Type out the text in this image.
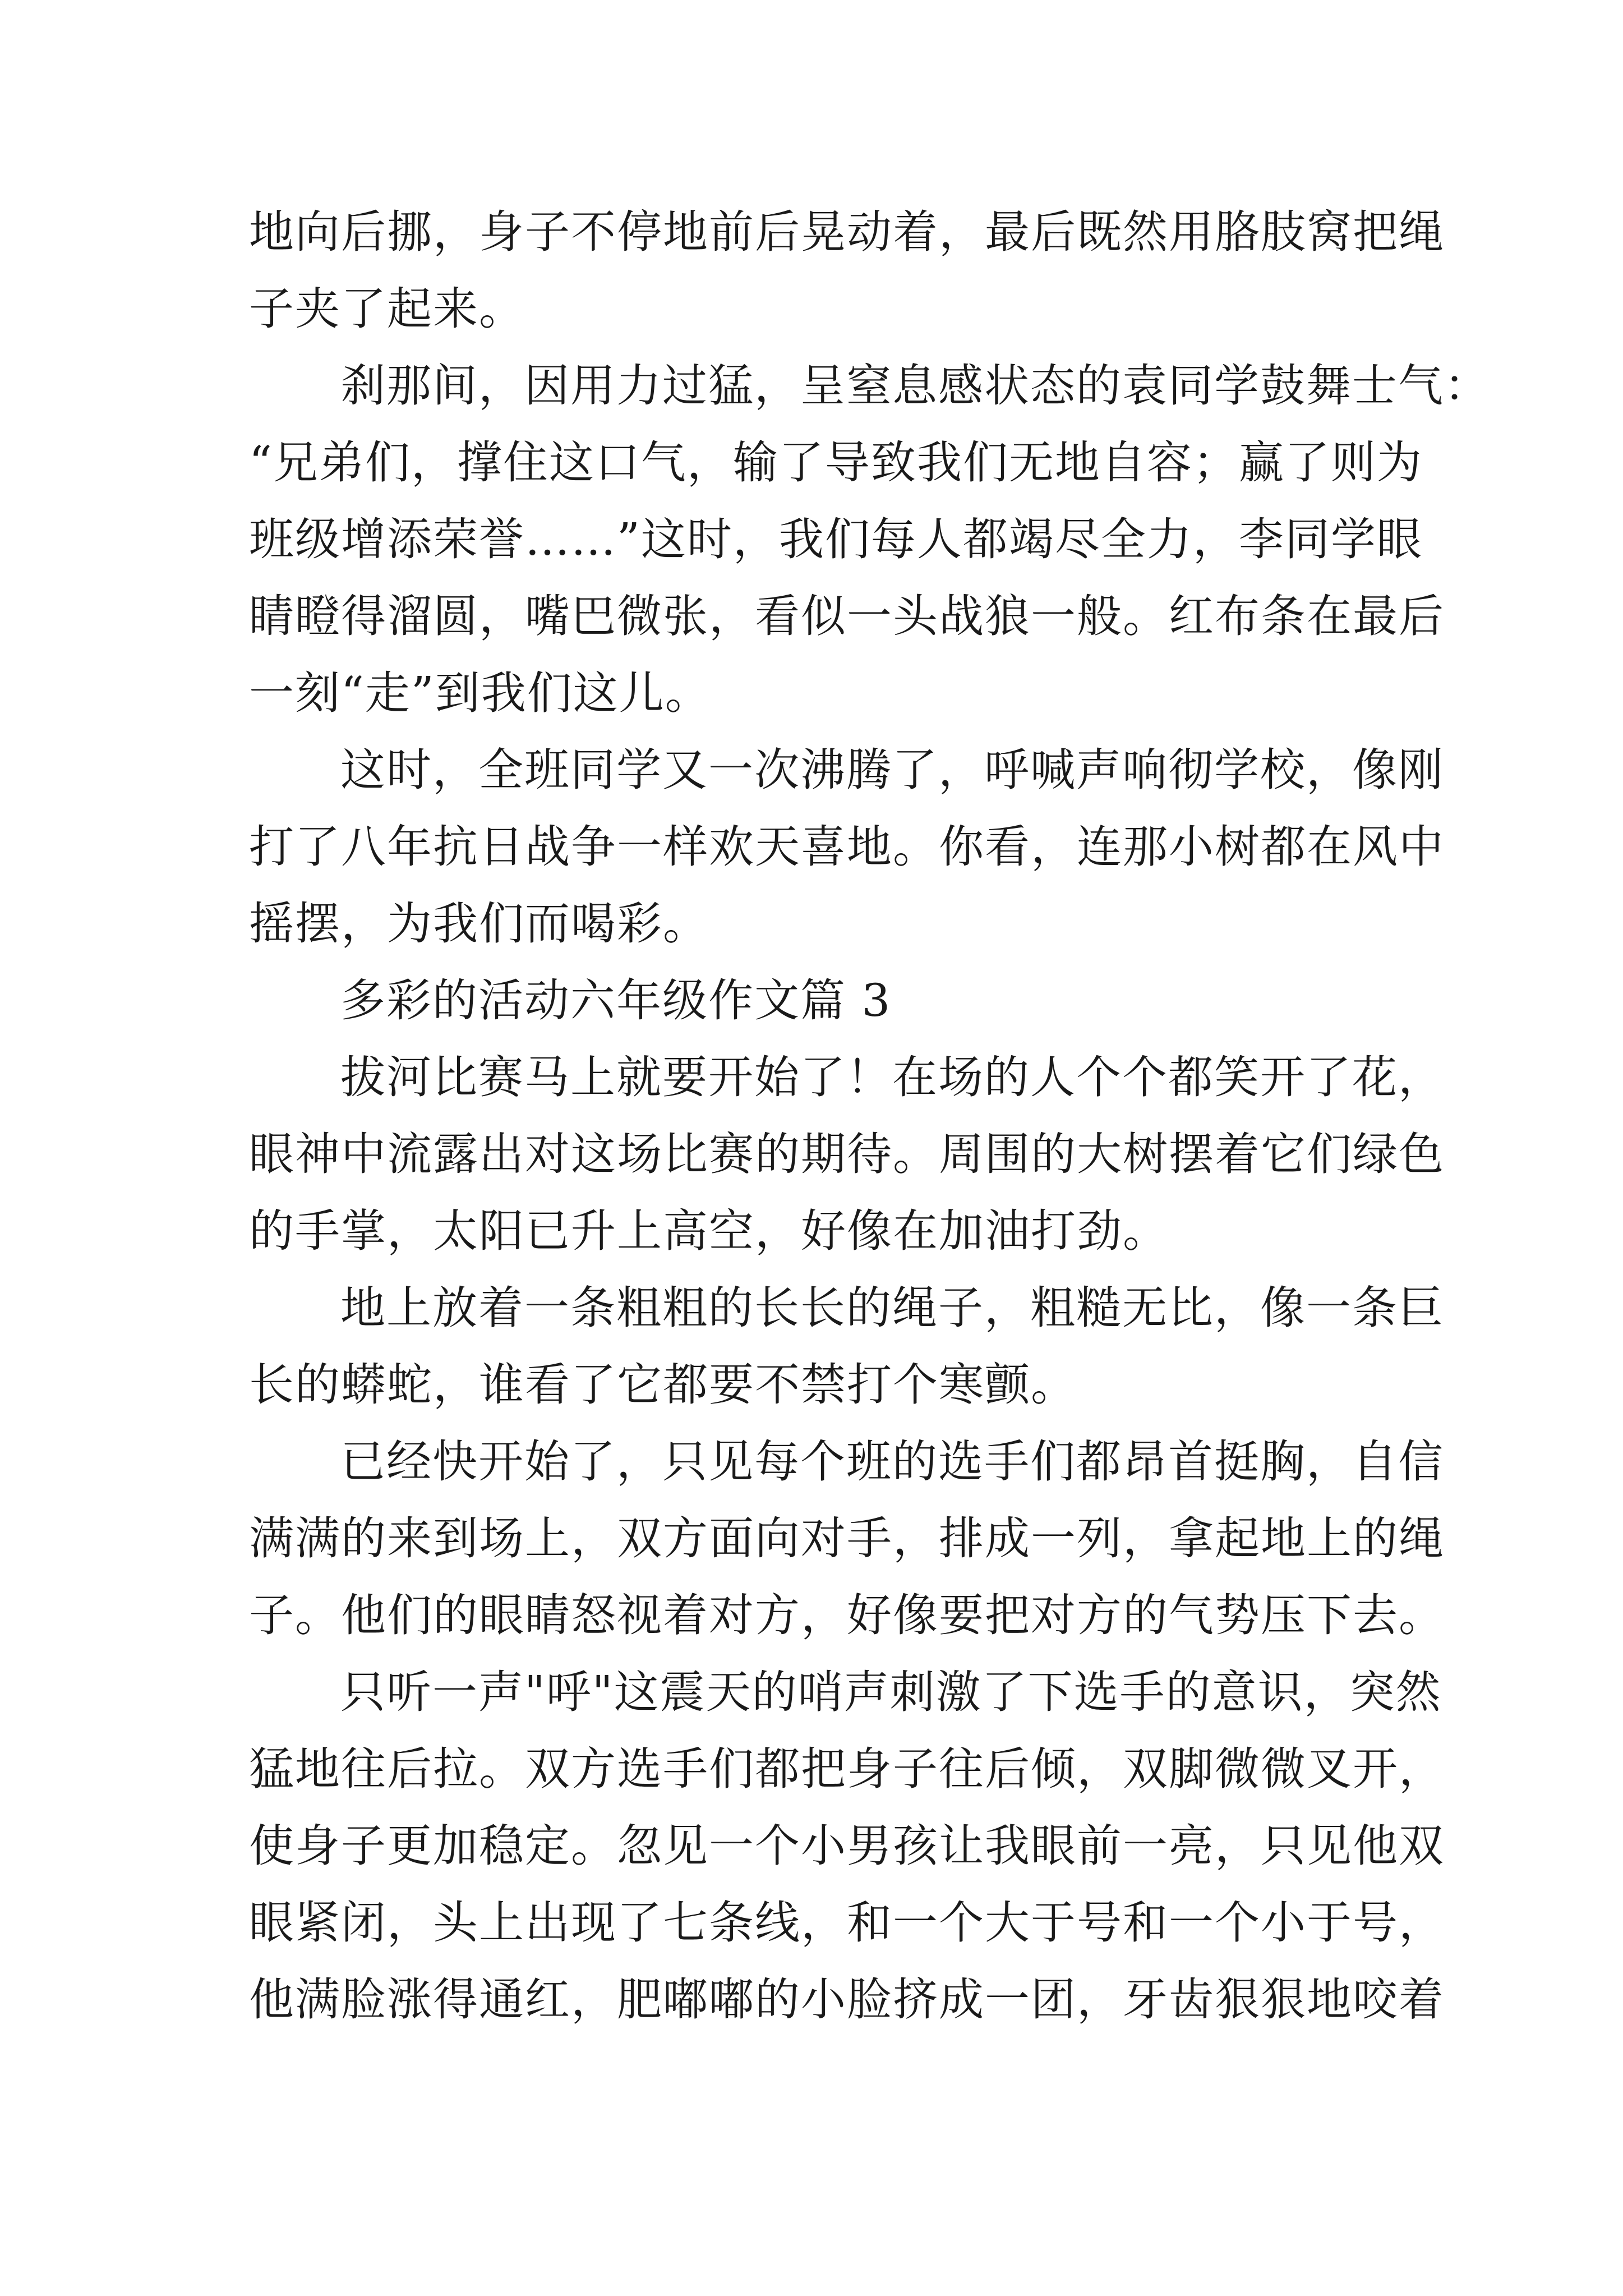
地向后挪，身子不停地前后晃动着，最后既然用胳肢窝把绳
子夹了起来。
刹那间，因用力过猛，呈窒息感状态的袁同学鼓舞士气：
“兄弟们，撑住这口气，输了导致我们无地自容；赢了则为
班级增添荣誉……”这时，我们每人都竭尽全力，李同学眼
睛瞪得溜圆，嘴巴微张，看似一头战狼一般。红布条在最后
一刻“走”到我们这儿。
这时，全班同学又一次沸腾了，呼喊声响彻学校，像刚
打了八年抗日战争一样欢天喜地。你看，连那小树都在风中
摇摆，为我们而喝彩。
多彩的活动六年级作文篇 3
拔河比赛马上就要开始了！在场的人个个都笑开了花，
眼神中流露出对这场比赛的期待。周围的大树摆着它们绿色
的手掌，太阳已升上高空，好像在加油打劲。
地上放着一条粗粗的长长的绳子，粗糙无比，像一条巨
长的蟒蛇，谁看了它都要不禁打个寒颤。
已经快开始了，只见每个班的选手们都昂首挺胸，自信
满满的来到场上，双方面向对手，排成一列，拿起地上的绳
子。他们的眼睛怒视着对方，好像要把对方的气势压下去。
只听一声"呼"这震天的哨声刺激了下选手的意识，突然
猛地往后拉。双方选手们都把身子往后倾，双脚微微叉开，
使身子更加稳定。忽见一个小男孩让我眼前一亮，只见他双
眼紧闭，头上出现了七条线，和一个大于号和一个小于号，
他满脸涨得通红，肥嘟嘟的小脸挤成一团，牙齿狠狠地咬着
